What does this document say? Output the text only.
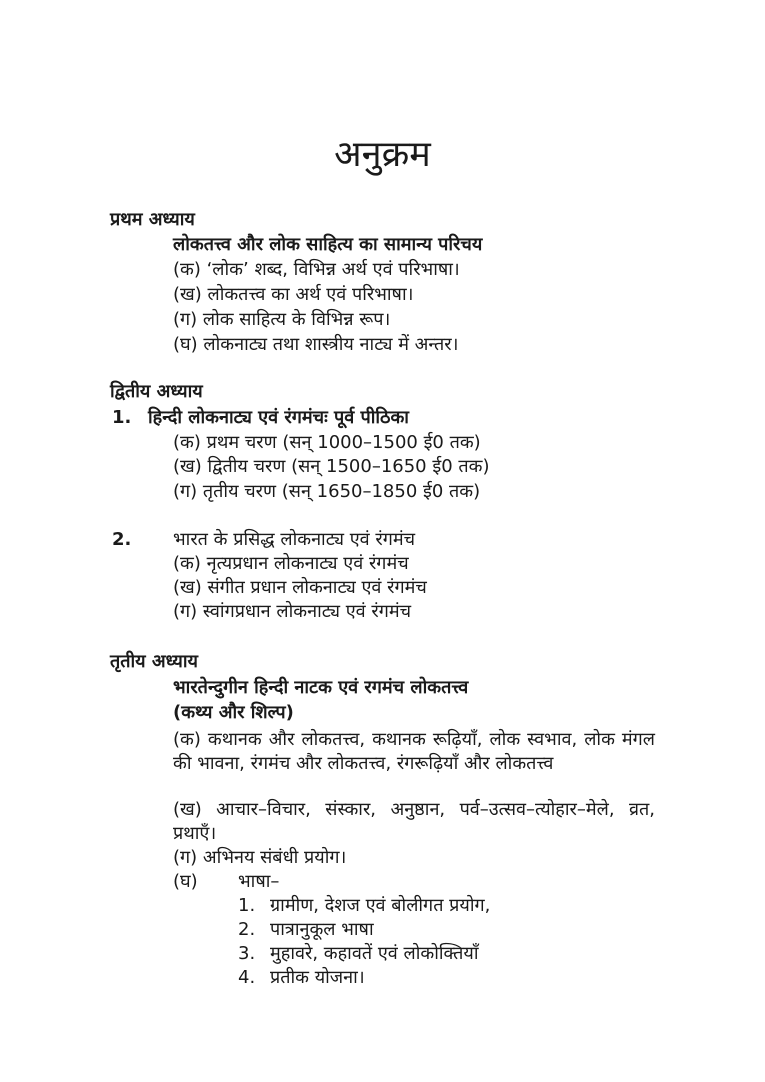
अनुक्रम
प्रथम अध्याय
लोकतत्त्व और लोक साहित्य का सामान्य परिचय
(क) ‘लोक’ शब्द, विभिन्न अर्थ एवं परिभाषा।
(ख) लोकतत्त्व का अर्थ एवं परिभाषा।
(ग) लोक साहित्य के विभिन्न रूप।
(घ) लोकनाट्य तथा शास्त्रीय नाट्य में अन्तर।
द्वितीय अध्याय
1. हिन्दी लोकनाट्य एवं रंगमंचः पूर्व पीठिका
(क) प्रथम चरण (सन् 1000–1500 ई0 तक)
(ख) द्वितीय चरण (सन् 1500–1650 ई0 तक)
(ग) तृतीय चरण (सन् 1650–1850 ई0 तक)
2. भारत के प्रसिद्ध लोकनाट्य एवं रंगमंच
(क) नृत्यप्रधान लोकनाट्य एवं रंगमंच
(ख) संगीत प्रधान लोकनाट्य एवं रंगमंच
(ग) स्वांगप्रधान लोकनाट्य एवं रंगमंच
तृतीय अध्याय
भारतेन्दुगीन हिन्दी नाटक एवं रगमंच लोकतत्त्व
(कथ्य और शिल्प)
(क) कथानक और लोकतत्त्व, कथानक रूढ़ियाँ, लोक स्वभाव, लोक मंगल की भावना, रंगमंच और लोकतत्त्व, रंगरूढ़ियाँ और लोकतत्त्व
(ख) आचार–विचार, संस्कार, अनुष्ठान, पर्व–उत्सव–त्योहार–मेले, व्रत, प्रथाएँ।
(ग) अभिनय संबंधी प्रयोग।
(घ) भाषा–
1. ग्रामीण, देशज एवं बोलीगत प्रयोग,
2. पात्रानुकूल भाषा
3. मुहावरे, कहावतें एवं लोकोक्तियाँ
4. प्रतीक योजना।
